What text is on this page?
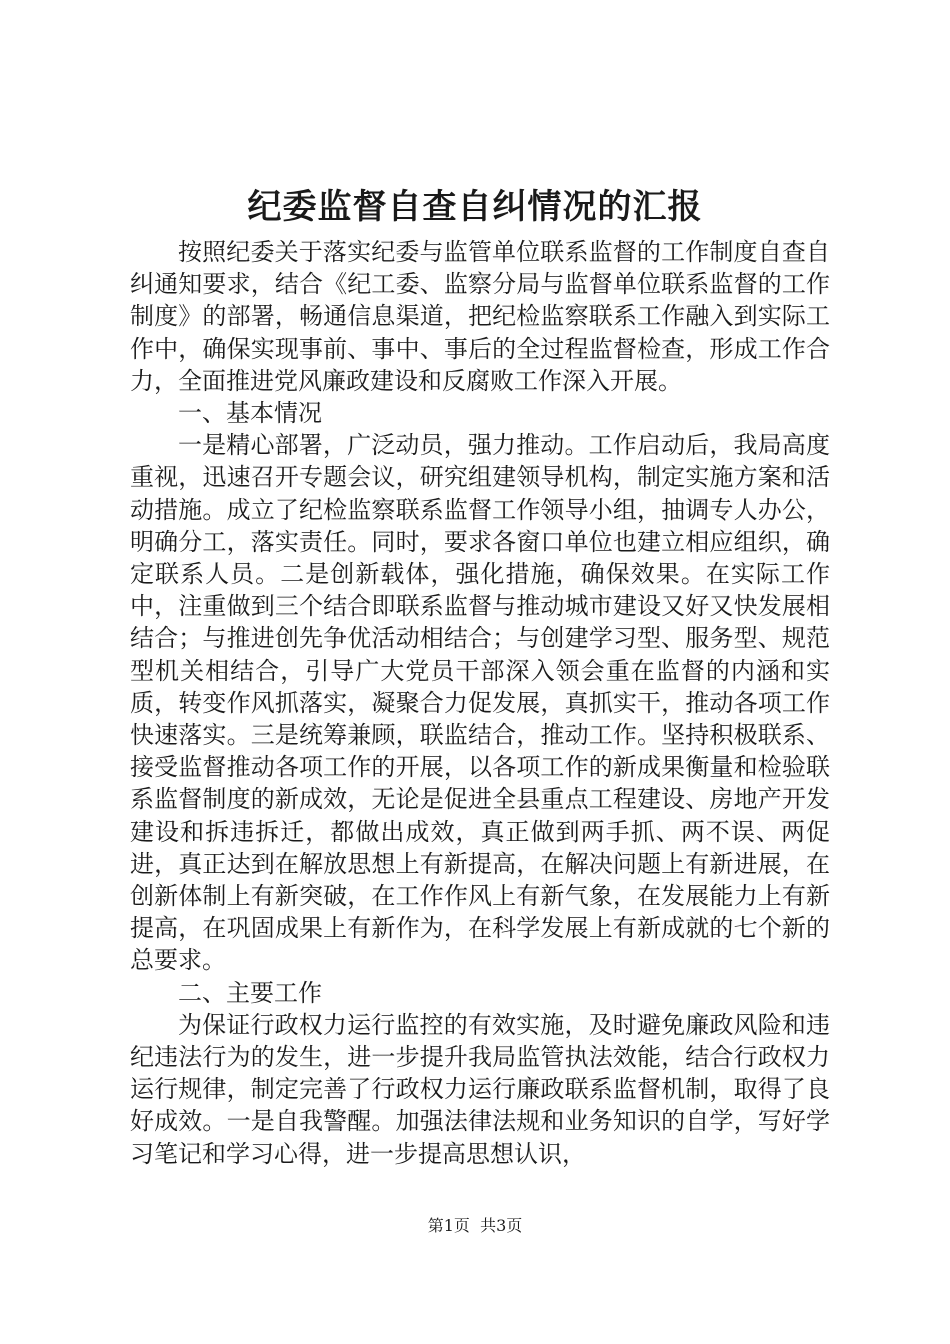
纪委监督自查自纠情况的汇报

按照纪委关于落实纪委与监管单位联系监督的工作制度自查自纠通知要求，结合《纪工委、监察分局与监督单位联系监督的工作制度》的部署，畅通信息渠道，把纪检监察联系工作融入到实际工作中，确保实现事前、事中、事后的全过程监督检查，形成工作合力，全面推进党风廉政建设和反腐败工作深入开展。

一、基本情况

一是精心部署，广泛动员，强力推动。工作启动后，我局高度重视，迅速召开专题会议，研究组建领导机构，制定实施方案和活动措施。成立了纪检监察联系监督工作领导小组，抽调专人办公，明确分工，落实责任。同时，要求各窗口单位也建立相应组织，确定联系人员。二是创新载体，强化措施，确保效果。在实际工作中，注重做到三个结合即联系监督与推动城市建设又好又快发展相结合；与推进创先争优活动相结合；与创建学习型、服务型、规范型机关相结合，引导广大党员干部深入领会重在监督的内涵和实质，转变作风抓落实，凝聚合力促发展，真抓实干，推动各项工作快速落实。三是统筹兼顾，联监结合，推动工作。坚持积极联系、接受监督推动各项工作的开展，以各项工作的新成果衡量和检验联系监督制度的新成效，无论是促进全县重点工程建设、房地产开发建设和拆违拆迁，都做出成效，真正做到两手抓、两不误、两促进，真正达到在解放思想上有新提高，在解决问题上有新进展，在创新体制上有新突破，在工作作风上有新气象，在发展能力上有新提高，在巩固成果上有新作为，在科学发展上有新成就的七个新的总要求。

二、主要工作

为保证行政权力运行监控的有效实施，及时避免廉政风险和违纪违法行为的发生，进一步提升我局监管执法效能，结合行政权力运行规律，制定完善了行政权力运行廉政联系监督机制，取得了良好成效。一是自我警醒。加强法律法规和业务知识的自学，写好学习笔记和学习心得，进一步提高思想认识，

第1页 共3页
